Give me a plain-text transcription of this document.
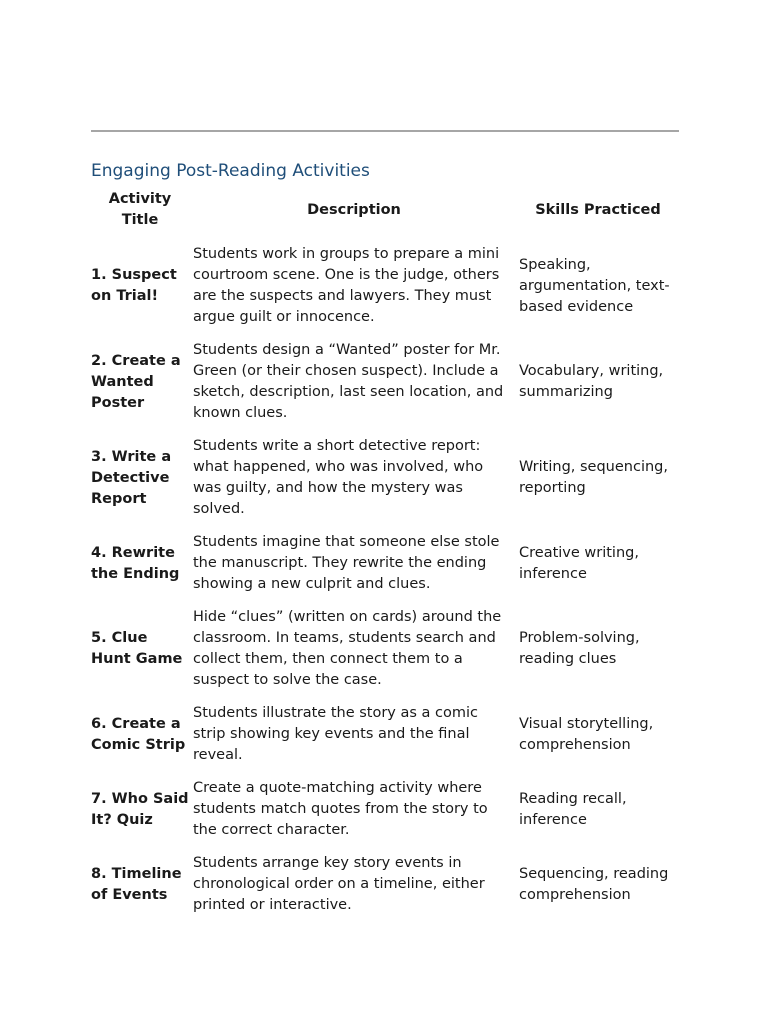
Engaging Post-Reading Activities
Activity Title	Description	Skills Practiced
1. Suspect on Trial!	Students work in groups to prepare a mini courtroom scene. One is the judge, others are the suspects and lawyers. They must argue guilt or innocence.	Speaking, argumentation, text-based evidence
2. Create a Wanted Poster	Students design a “Wanted” poster for Mr. Green (or their chosen suspect). Include a sketch, description, last seen location, and known clues.	Vocabulary, writing, summarizing
3. Write a Detective Report	Students write a short detective report: what happened, who was involved, who was guilty, and how the mystery was solved.	Writing, sequencing, reporting
4. Rewrite the Ending	Students imagine that someone else stole the manuscript. They rewrite the ending showing a new culprit and clues.	Creative writing, inference
5. Clue Hunt Game	Hide “clues” (written on cards) around the classroom. In teams, students search and collect them, then connect them to a suspect to solve the case.	Problem-solving, reading clues
6. Create a Comic Strip	Students illustrate the story as a comic strip showing key events and the final reveal.	Visual storytelling, comprehension
7. Who Said It? Quiz	Create a quote-matching activity where students match quotes from the story to the correct character.	Reading recall, inference
8. Timeline of Events	Students arrange key story events in chronological order on a timeline, either printed or interactive.	Sequencing, reading comprehension
